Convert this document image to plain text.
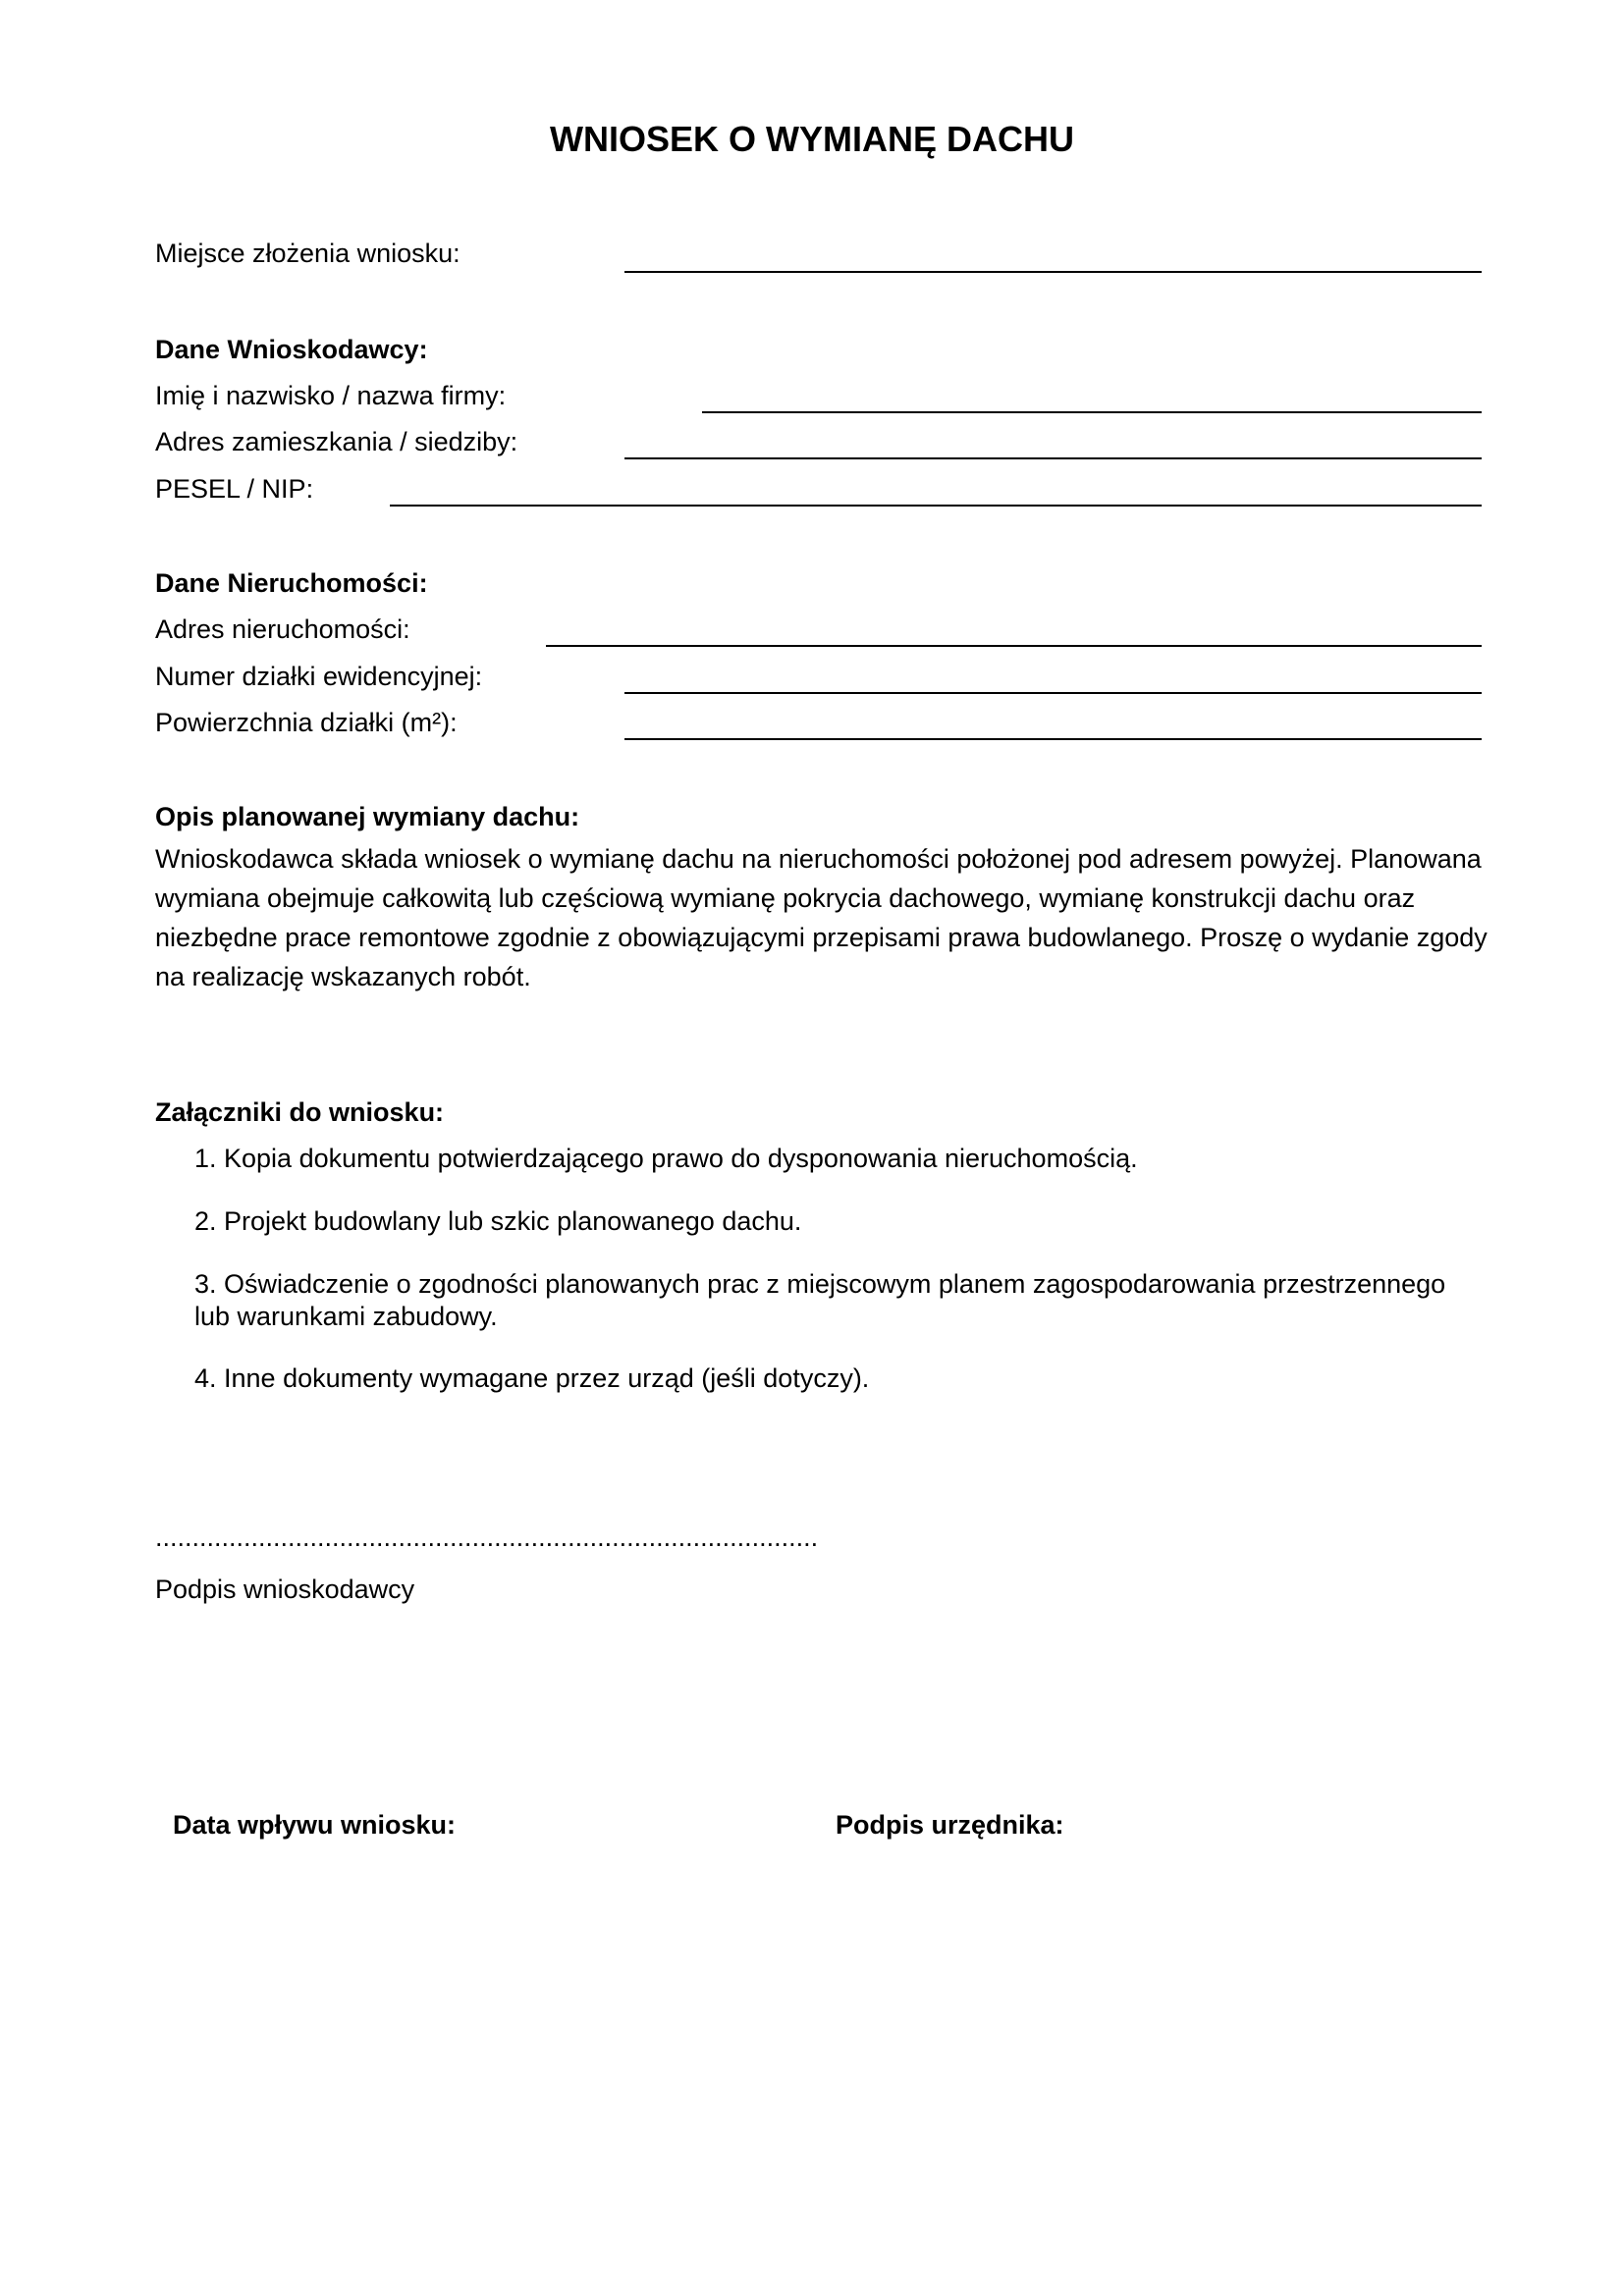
WNIOSEK O WYMIANĘ DACHU
Miejsce złożenia wniosku:
Dane Wnioskodawcy:
Imię i nazwisko / nazwa firmy:
Adres zamieszkania / siedziby:
PESEL / NIP:
Dane Nieruchomości:
Adres nieruchomości:
Numer działki ewidencyjnej:
Powierzchnia działki (m²):
Opis planowanej wymiany dachu:
Wnioskodawca składa wniosek o wymianę dachu na nieruchomości położonej pod adresem powyżej. Planowana wymiana obejmuje całkowitą lub częściową wymianę pokrycia dachowego, wymianę konstrukcji dachu oraz niezbędne prace remontowe zgodnie z obowiązującymi przepisami prawa budowlanego. Proszę o wydanie zgody na realizację wskazanych robót.
Załączniki do wniosku:
1. Kopia dokumentu potwierdzającego prawo do dysponowania nieruchomością.
2. Projekt budowlany lub szkic planowanego dachu.
3. Oświadczenie o zgodności planowanych prac z miejscowym planem zagospodarowania przestrzennego lub warunkami zabudowy.
4. Inne dokumenty wymagane przez urząd (jeśli dotyczy).
..........................................................................................
Podpis wnioskodawcy
Data wpływu wniosku:	Podpis urzędnika:
